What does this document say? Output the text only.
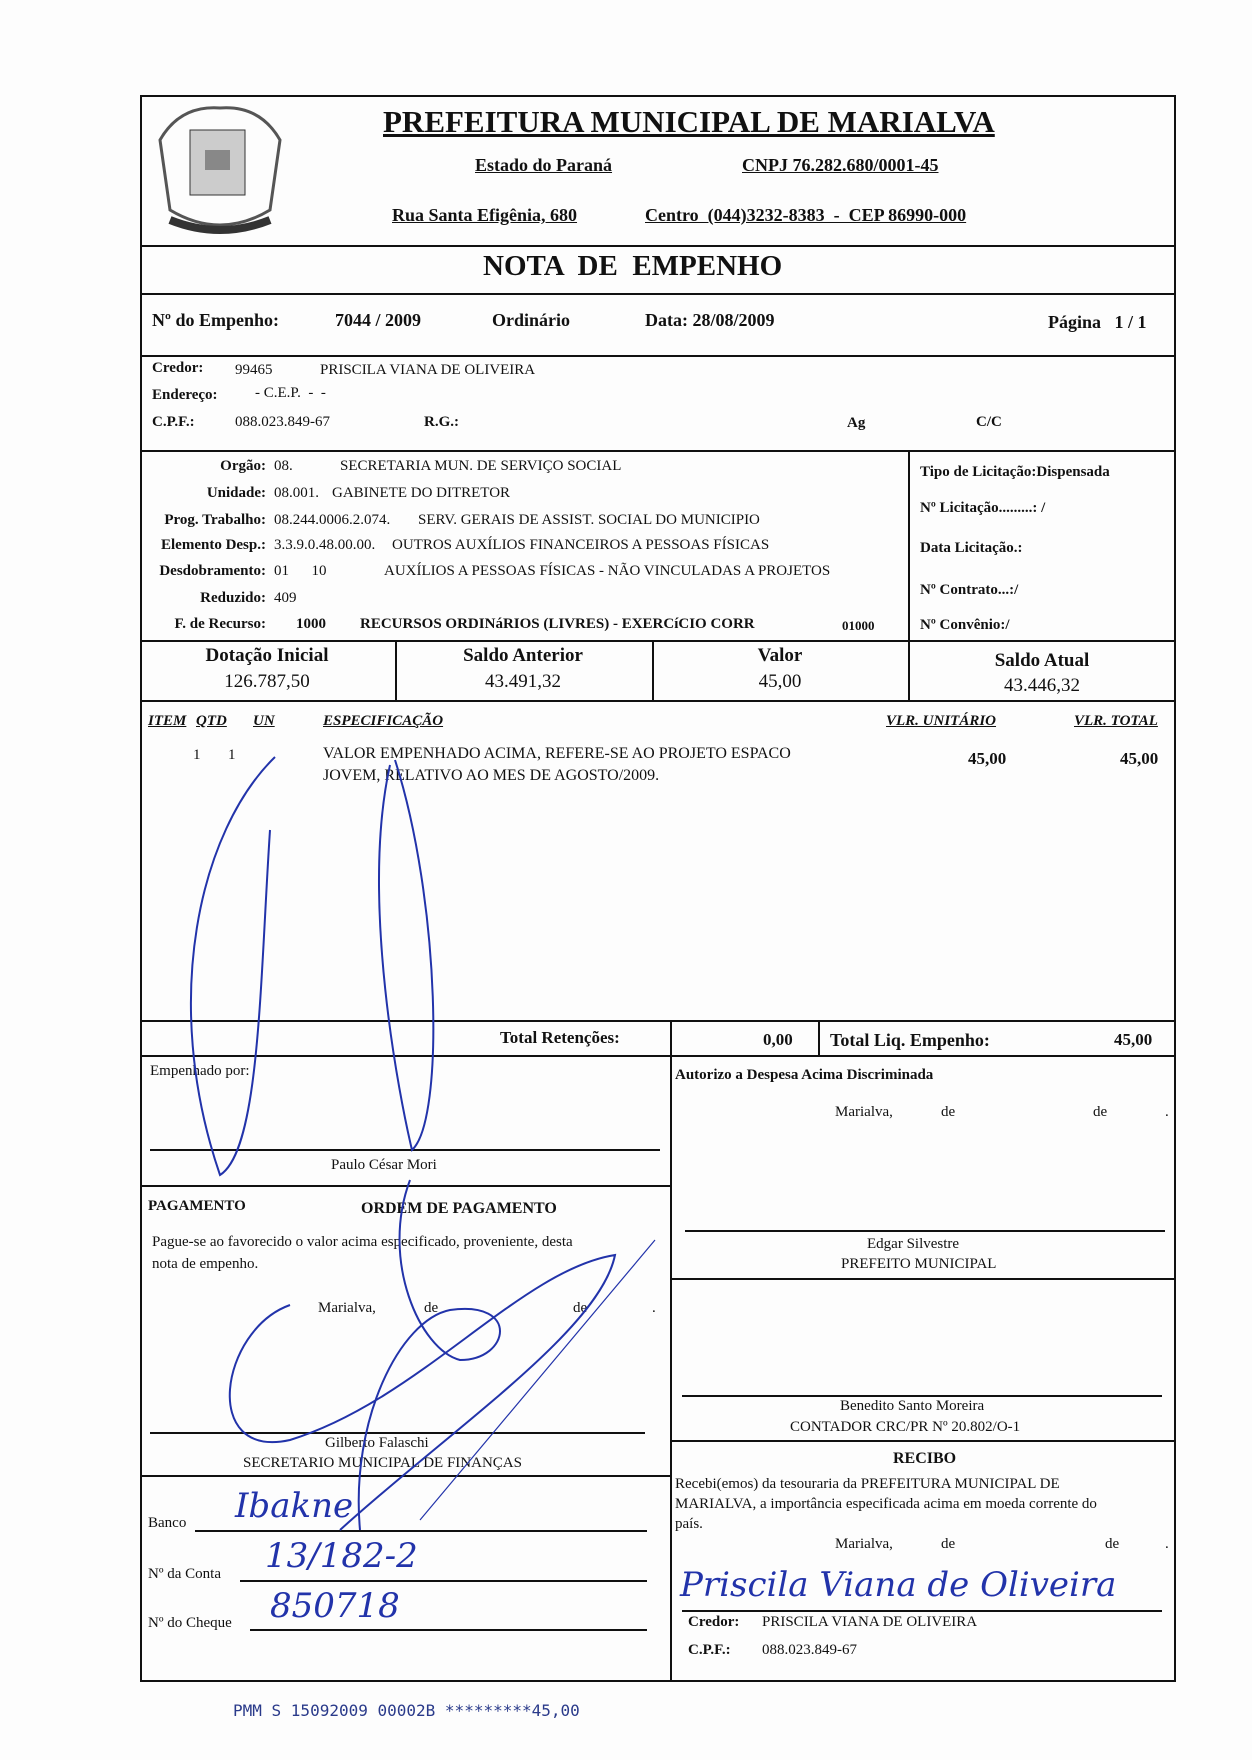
PREFEITURA MUNICIPAL DE MARIALVA
Estado do Paraná	CNPJ 76.282.680/0001-45
Rua Santa Efigênia, 680	Centro  (044)3232-8383  -  CEP 86990-000
NOTA  DE  EMPENHO
Nº do Empenho:	7044 / 2009	Ordinário	Data: 28/08/2009	Página   1 / 1
Credor: 99465	PRISCILA VIANA DE OLIVEIRA
Endereço: - C.E.P.  -  -
C.P.F.:	088.023.849-67	R.G.:	Ag	C/C
Orgão: 08.	SECRETARIA MUN. DE SERVIÇO SOCIAL
Unidade: 08.001. GABINETE DO DITRETOR
Prog. Trabalho: 08.244.0006.2.074. SERV. GERAIS DE ASSIST. SOCIAL DO MUNICIPIO
Elemento Desp.: 3.3.9.0.48.00.00. OUTROS AUXÍLIOS FINANCEIROS A PESSOAS FÍSICAS
Desdobramento: 01      10	AUXÍLIOS A PESSOAS FÍSICAS - NÃO VINCULADAS A PROJETOS
Reduzido: 409
F. de Recurso: 1000 RECURSOS ORDINáRIOS (LIVRES) - EXERCíCIO CORR	01000
Tipo de Licitação:Dispensada
Nº Licitação.........: /
Data Licitação.:
Nº Contrato...:/
Nº Convênio:/
Dotação Inicial
126.787,50
Saldo Anterior
43.491,32
Valor
45,00
Saldo Atual
43.446,32
ITEM QTD UN	ESPECIFICAÇÃO	VLR. UNITÁRIO	VLR. TOTAL
1 1	VALOR EMPENHADO ACIMA, REFERE-SE AO PROJETO ESPACO
JOVEM, RELATIVO AO MES DE AGOSTO/2009.
45,00	45,00
Total Retenções:	0,00 Total Liq. Empenho:	45,00
Empenhado por:
Paulo César Mori
PAGAMENTO	ORDEM DE PAGAMENTO
Pague-se ao favorecido o valor acima especificado, proveniente, desta
nota de empenho.
Marialva,	de	de	.
Gilberto Falaschi
SECRETARIO MUNICIPAL DE FINANÇAS
Banco Ibakne
Nº da Conta 13/182-2
Nº do Cheque 850718
Autorizo a Despesa Acima Discriminada
Marialva,	de	de	.
Edgar Silvestre
PREFEITO MUNICIPAL
Benedito Santo Moreira
CONTADOR CRC/PR Nº 20.802/O-1
RECIBO
Recebi(emos) da tesouraria da PREFEITURA MUNICIPAL DE
MARIALVA, a importância especificada acima em moeda corrente do
país.
Marialva,	de	de	.
Priscila Viana de Oliveira
Credor: PRISCILA VIANA DE OLIVEIRA
C.P.F.: 088.023.849-67
PMM S 15092009 00002B *********45,00
